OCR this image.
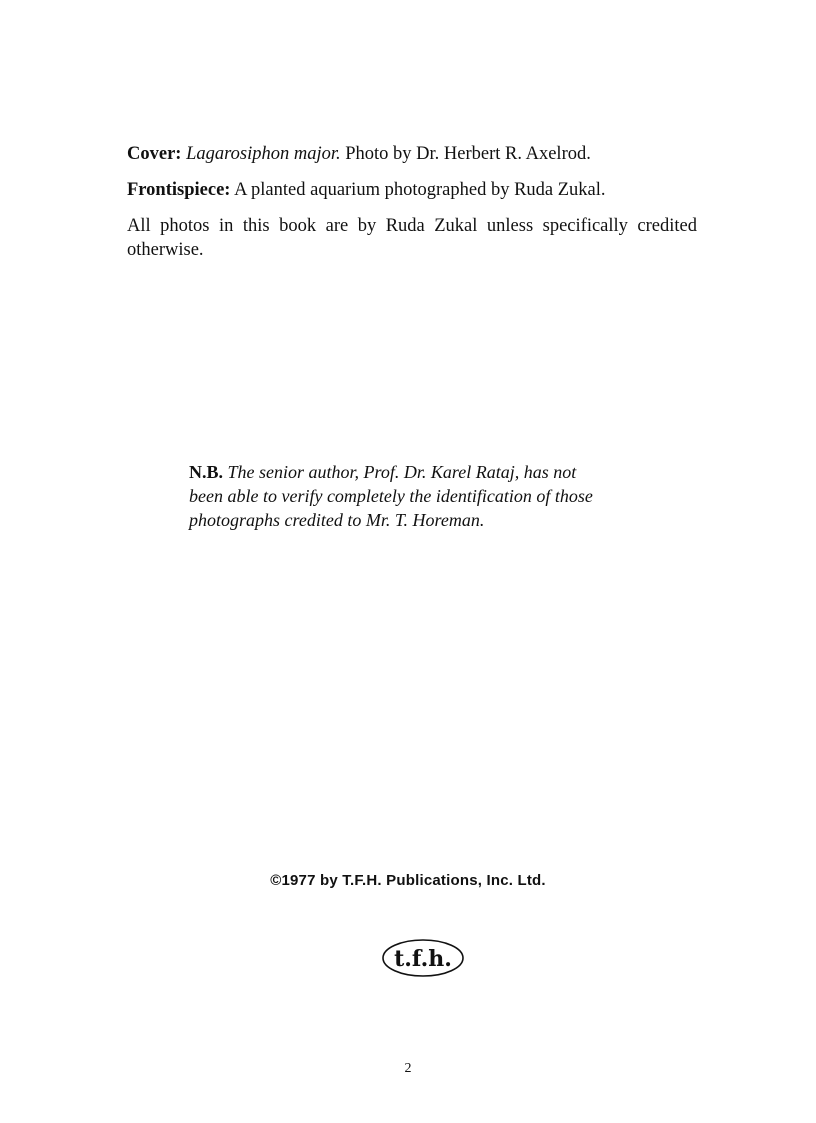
Cover: Lagarosiphon major. Photo by Dr. Herbert R. Axelrod.

Frontispiece: A planted aquarium photographed by Ruda Zukal.

All photos in this book are by Ruda Zukal unless specifically credited otherwise.

N.B. The senior author, Prof. Dr. Karel Rataj, has not been able to verify completely the identification of those photographs credited to Mr. T. Horeman.
©1977 by T.F.H. Publications, Inc. Ltd.
t.f.h.
2
